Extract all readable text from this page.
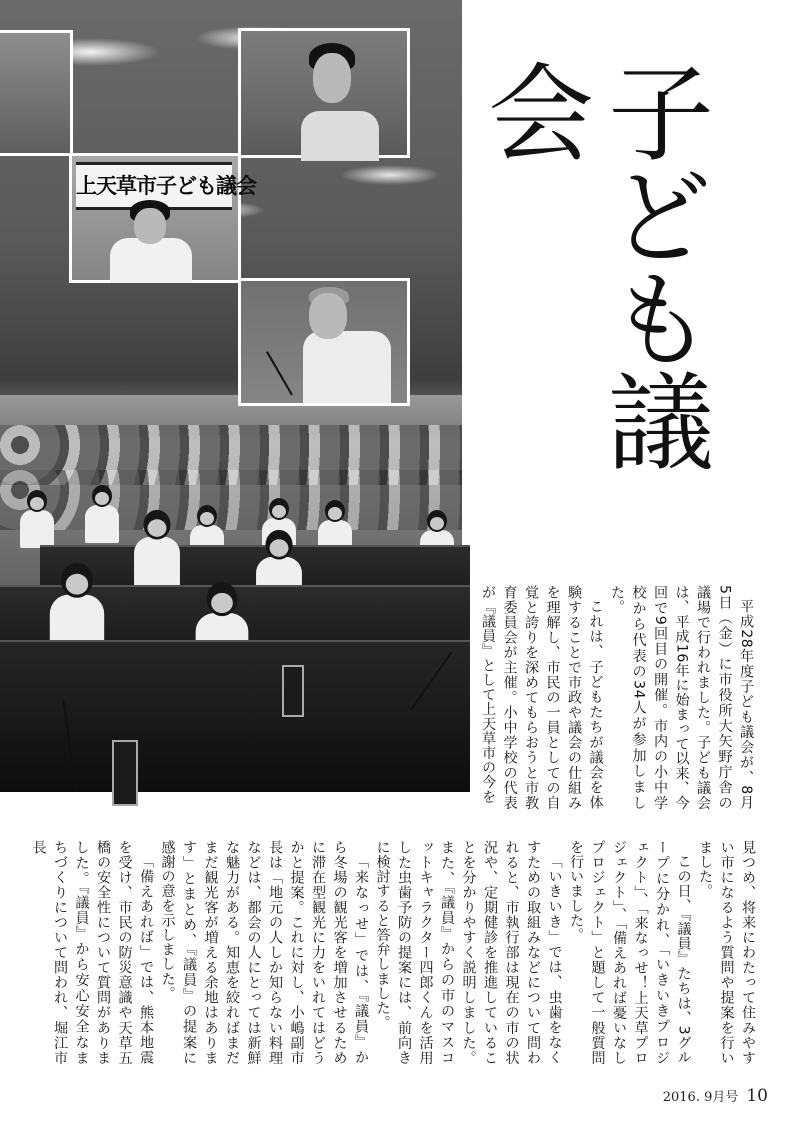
上天草市子ども議会	子ども議会

平成28年度子ども議会が、8月5日（金）に市役所大矢野庁舎の議場で行われました。子ども議会は、平成16年に始まって以来、今回で9回目の開催。市内の小中学校から代表の34人が参加しました。

これは、子どもたちが議会を体験することで市政や議会の仕組みを理解し、市民の一員としての自覚と誇りを深めてもらおうと市教育委員会が主催。小中学校の代表が『議員』として上天草市の今を

見つめ、将来にわたって住みやすい市になるよう質問や提案を行いました。

この日、『議員』たちは、3グループに分かれ、「いきいきプロジェクト」、「来なっせ！上天草プロジェクト」、「備えあれば憂いなしプロジェクト」と題して一般質問を行いました。

「いきいき」では、虫歯をなくすための取組みなどについて問われると、市執行部は現在の市の状況や、定期健診を推進していることを分かりやすく説明しました。また、『議員』からの市のマスコットキャラクター四郎くんを活用した虫歯予防の提案には、前向きに検討すると答弁しました。

「来なっせ」では、『議員』から冬場の観光客を増加させるために滞在型観光に力をいれてはどうかと提案。これに対し、小嶋副市長は「地元の人しか知らない料理などは、都会の人にとっては新鮮な魅力がある。知恵を絞ればまだまだ観光客が増える余地はあります」とまとめ、『議員』の提案に感謝の意を示しました。

「備えあれば」では、熊本地震を受け、市民の防災意識や天草五橋の安全性について質問がありました。『議員』から安心安全なまちづくりについて問われ、堀江市長

2016. 9月号 10
